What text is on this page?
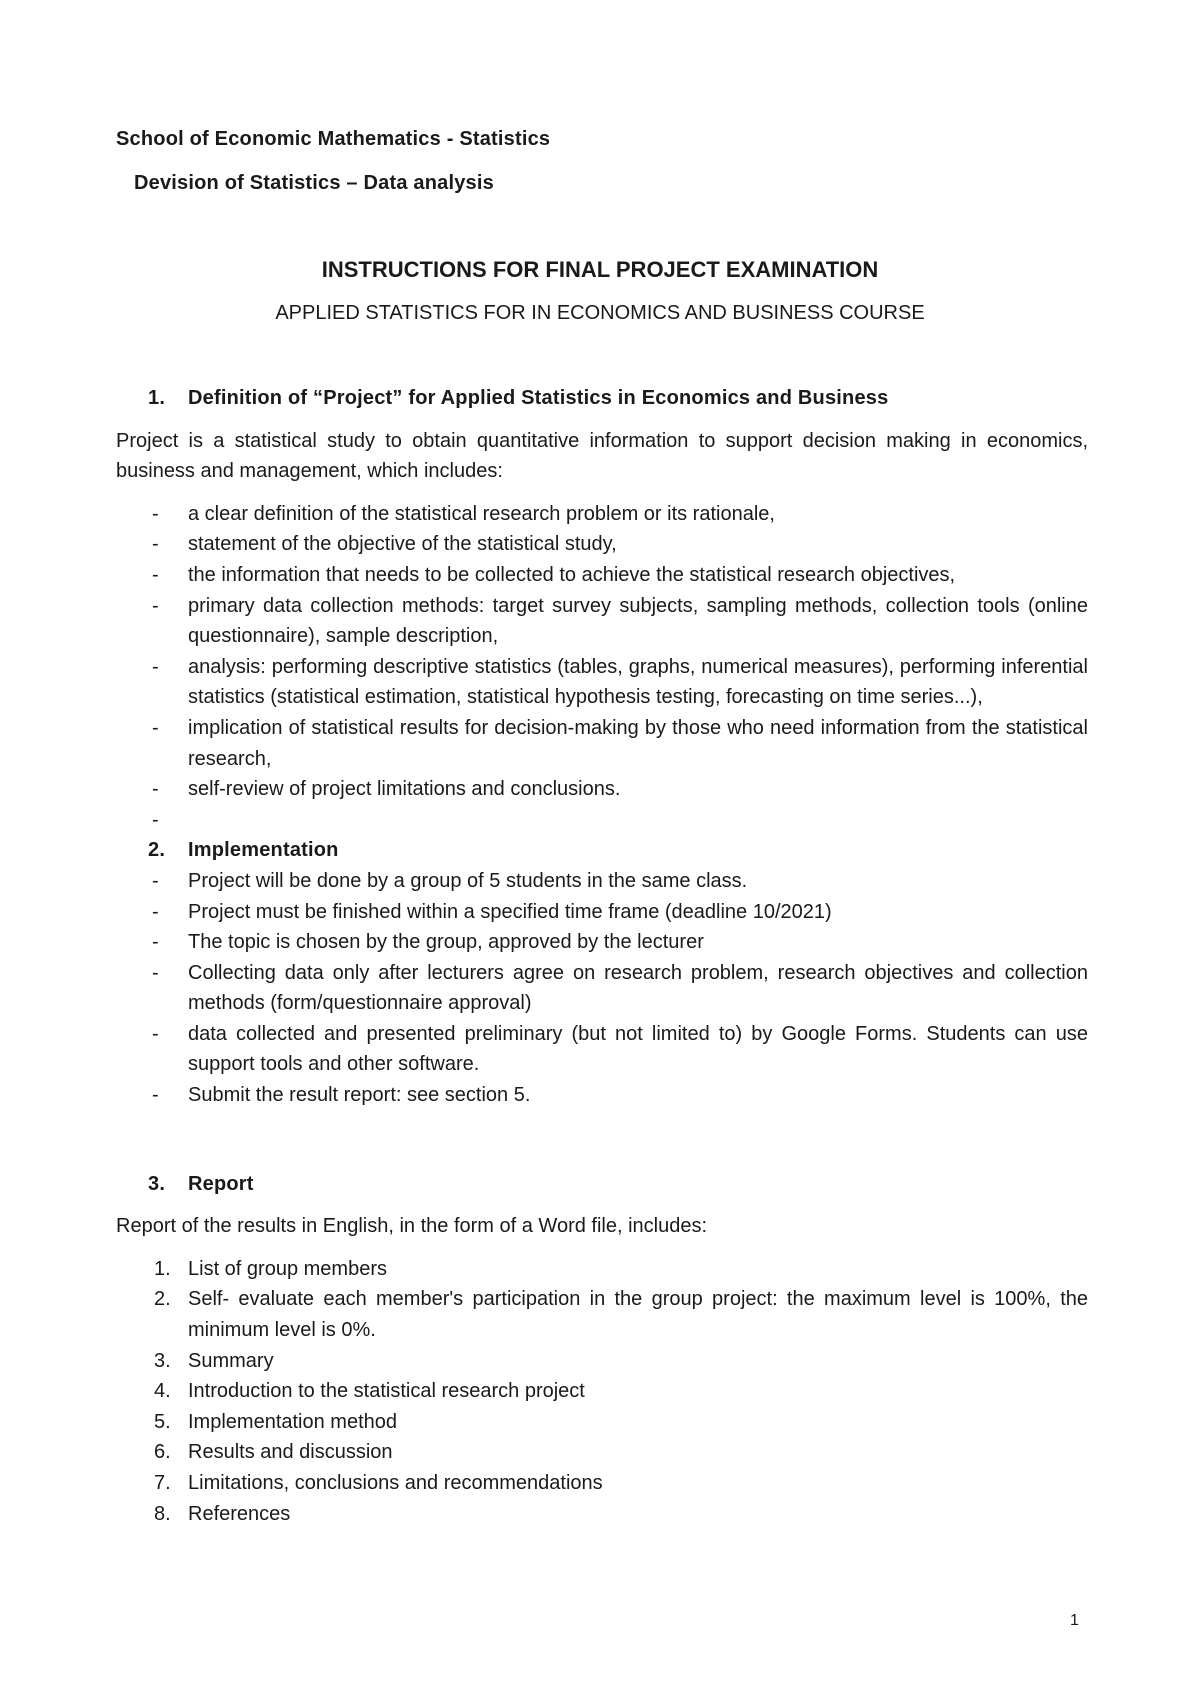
School of Economic Mathematics - Statistics
Devision of Statistics – Data analysis
INSTRUCTIONS FOR FINAL PROJECT EXAMINATION
APPLIED STATISTICS FOR IN ECONOMICS AND BUSINESS COURSE
1.	Definition of “Project” for Applied Statistics in Economics and Business
Project is a statistical study to obtain quantitative information to support decision making in economics, business and management, which includes:
-	a clear definition of the statistical research problem or its rationale,
-	statement of the objective of the statistical study,
-	the information that needs to be collected to achieve the statistical research objectives,
-	primary data collection methods: target survey subjects, sampling methods, collection tools (online questionnaire), sample description,
-	analysis: performing descriptive statistics (tables, graphs, numerical measures), performing inferential statistics (statistical estimation, statistical hypothesis testing, forecasting on time series...),
-	implication of statistical results for decision-making by those who need information from the statistical research,
-	self-review of project limitations and conclusions.
-

2.	Implementation
-	Project will be done by a group of 5 students in the same class.
-	Project must be finished within a specified time frame (deadline 10/2021)
-	The topic is chosen by the group, approved by the lecturer
-	Collecting data only after lecturers agree on research problem, research objectives and collection methods (form/questionnaire approval)
-	data collected and presented preliminary (but not limited to) by Google Forms. Students can use support tools and other software.
-	Submit the result report: see section 5.
3.	Report
Report of the results in English, in the form of a Word file, includes:
1. List of group members
2. Self- evaluate each member's participation in the group project: the maximum level is 100%, the minimum level is 0%.
3. Summary
4. Introduction to the statistical research project
5. Implementation method
6. Results and discussion
7. Limitations, conclusions and recommendations
8. References
1
